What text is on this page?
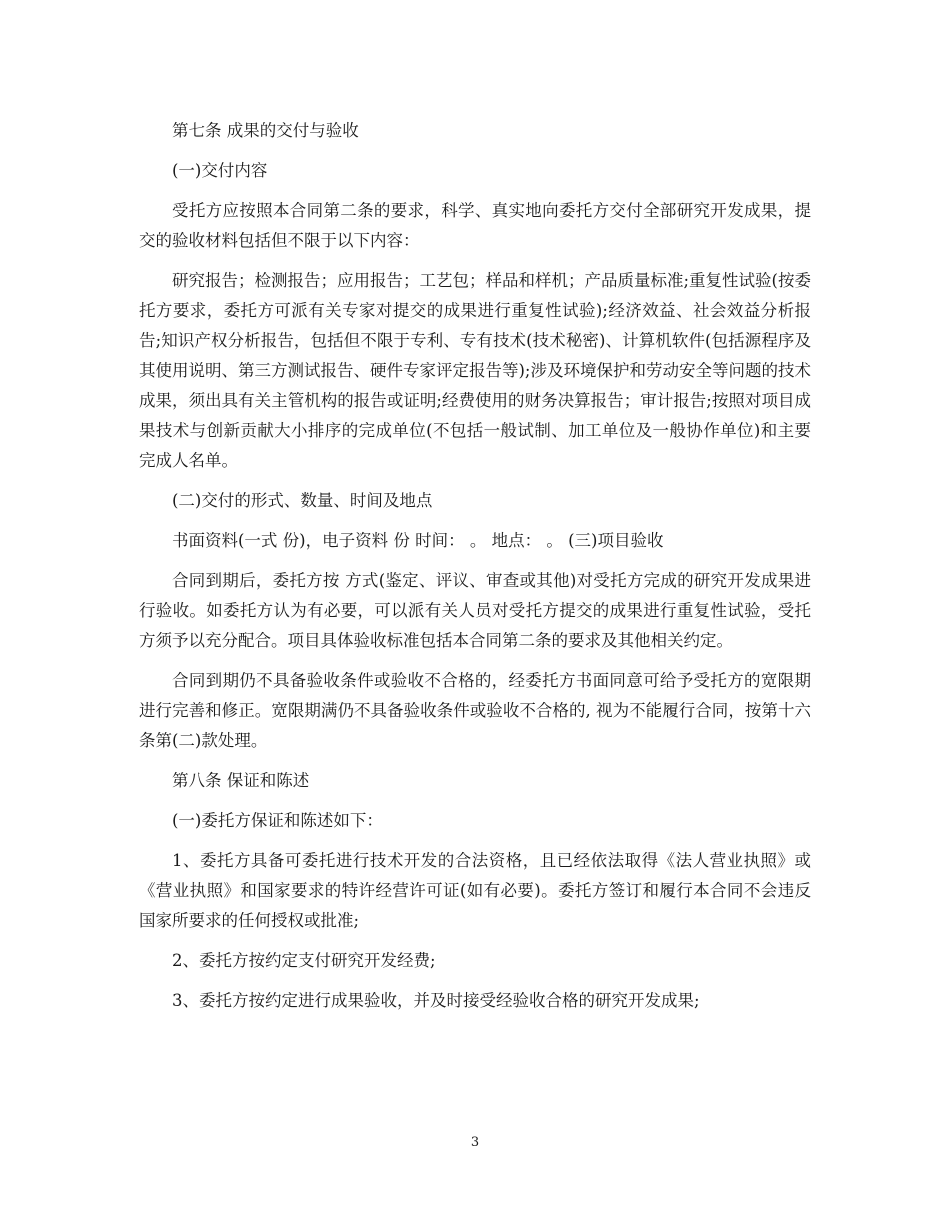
第七条 成果的交付与验收

(一)交付内容

受托方应按照本合同第二条的要求，科学、真实地向委托方交付全部研究开发成果，提交的验收材料包括但不限于以下内容：

研究报告；检测报告；应用报告；工艺包；样品和样机；产品质量标准;重复性试验(按委托方要求，委托方可派有关专家对提交的成果进行重复性试验);经济效益、社会效益分析报告;知识产权分析报告，包括但不限于专利、专有技术(技术秘密)、计算机软件(包括源程序及其使用说明、第三方测试报告、硬件专家评定报告等);涉及环境保护和劳动安全等问题的技术成果，须出具有关主管机构的报告或证明;经费使用的财务决算报告；审计报告;按照对项目成果技术与创新贡献大小排序的完成单位(不包括一般试制、加工单位及一般协作单位)和主要完成人名单。

(二)交付的形式、数量、时间及地点

书面资料(一式 份)，电子资料 份 时间： 。 地点： 。 (三)项目验收

合同到期后，委托方按 方式(鉴定、评议、审查或其他)对受托方完成的研究开发成果进行验收。如委托方认为有必要，可以派有关人员对受托方提交的成果进行重复性试验，受托方须予以充分配合。项目具体验收标准包括本合同第二条的要求及其他相关约定。

合同到期仍不具备验收条件或验收不合格的，经委托方书面同意可给予受托方的宽限期进行完善和修正。宽限期满仍不具备验收条件或验收不合格的, 视为不能履行合同，按第十六条第(二)款处理。

第八条 保证和陈述

(一)委托方保证和陈述如下：

1、委托方具备可委托进行技术开发的合法资格，且已经依法取得《法人营业执照》或《营业执照》和国家要求的特许经营许可证(如有必要)。委托方签订和履行本合同不会违反国家所要求的任何授权或批准;

2、委托方按约定支付研究开发经费;

3、委托方按约定进行成果验收，并及时接受经验收合格的研究开发成果;

3
